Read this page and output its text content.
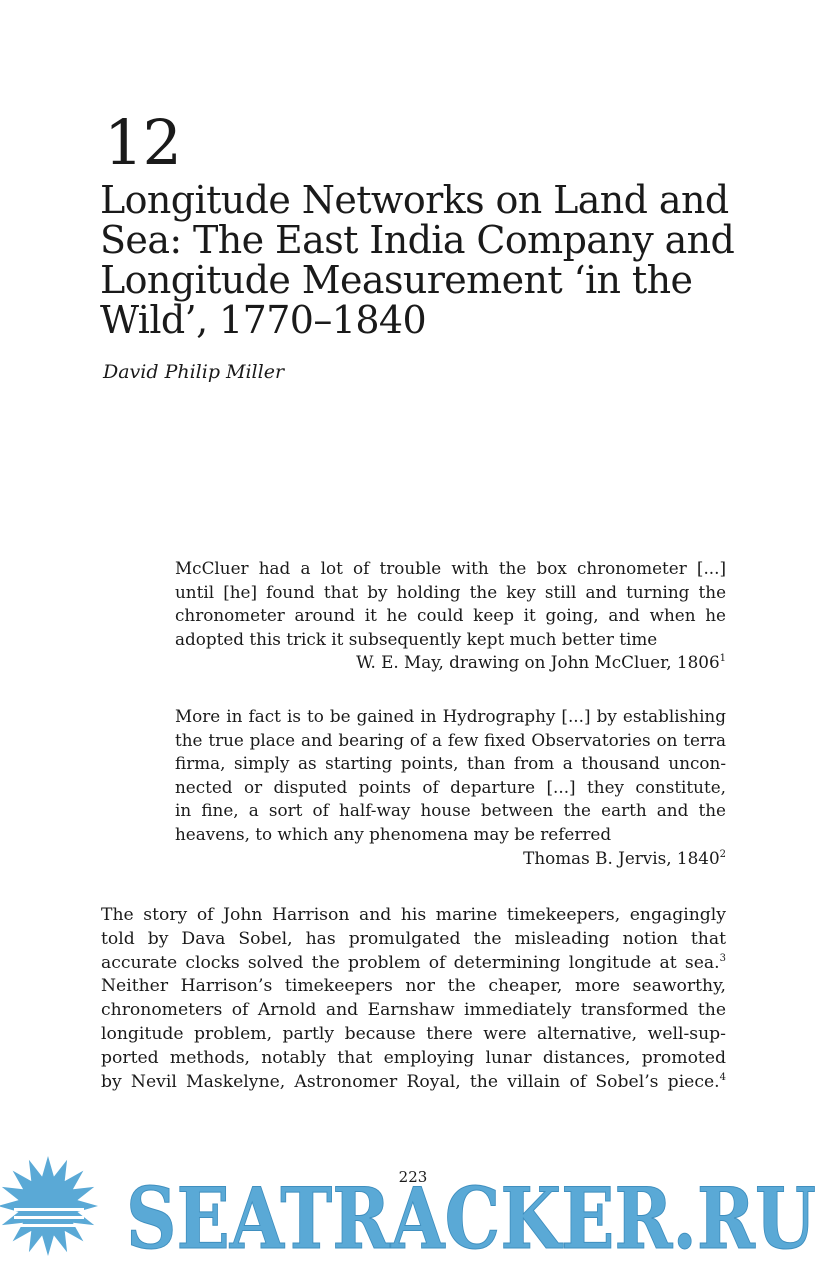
12
Longitude Networks on Land and
Sea: The East India Company and
Longitude Measurement ‘in the
Wild’, 1770–1840
David Philip Miller
McCluer had a lot of trouble with the box chronometer [...]
until [he] found that by holding the key still and turning the
chronometer around it he could keep it going, and when he
adopted this trick it subsequently kept much better time
W. E. May, drawing on John McCluer, 1806$^1$
More in fact is to be gained in Hydrography [...] by establishing
the true place and bearing of a few fixed Observatories on terra
firma, simply as starting points, than from a thousand uncon-
nected or disputed points of departure [...] they constitute,
in fine, a sort of half-way house between the earth and the
heavens, to which any phenomena may be referred
Thomas B. Jervis, 1840$^2$
The story of John Harrison and his marine timekeepers, engagingly
told by Dava Sobel, has promulgated the misleading notion that
accurate clocks solved the problem of determining longitude at sea.$^3$
Neither Harrison’s timekeepers nor the cheaper, more seaworthy,
chronometers of Arnold and Earnshaw immediately transformed the
longitude problem, partly because there were alternative, well-sup-
ported methods, notably that employing lunar distances, promoted
by Nevil Maskelyne, Astronomer Royal, the villain of Sobel’s piece.$^4$
SEATRACKER.RU
223
